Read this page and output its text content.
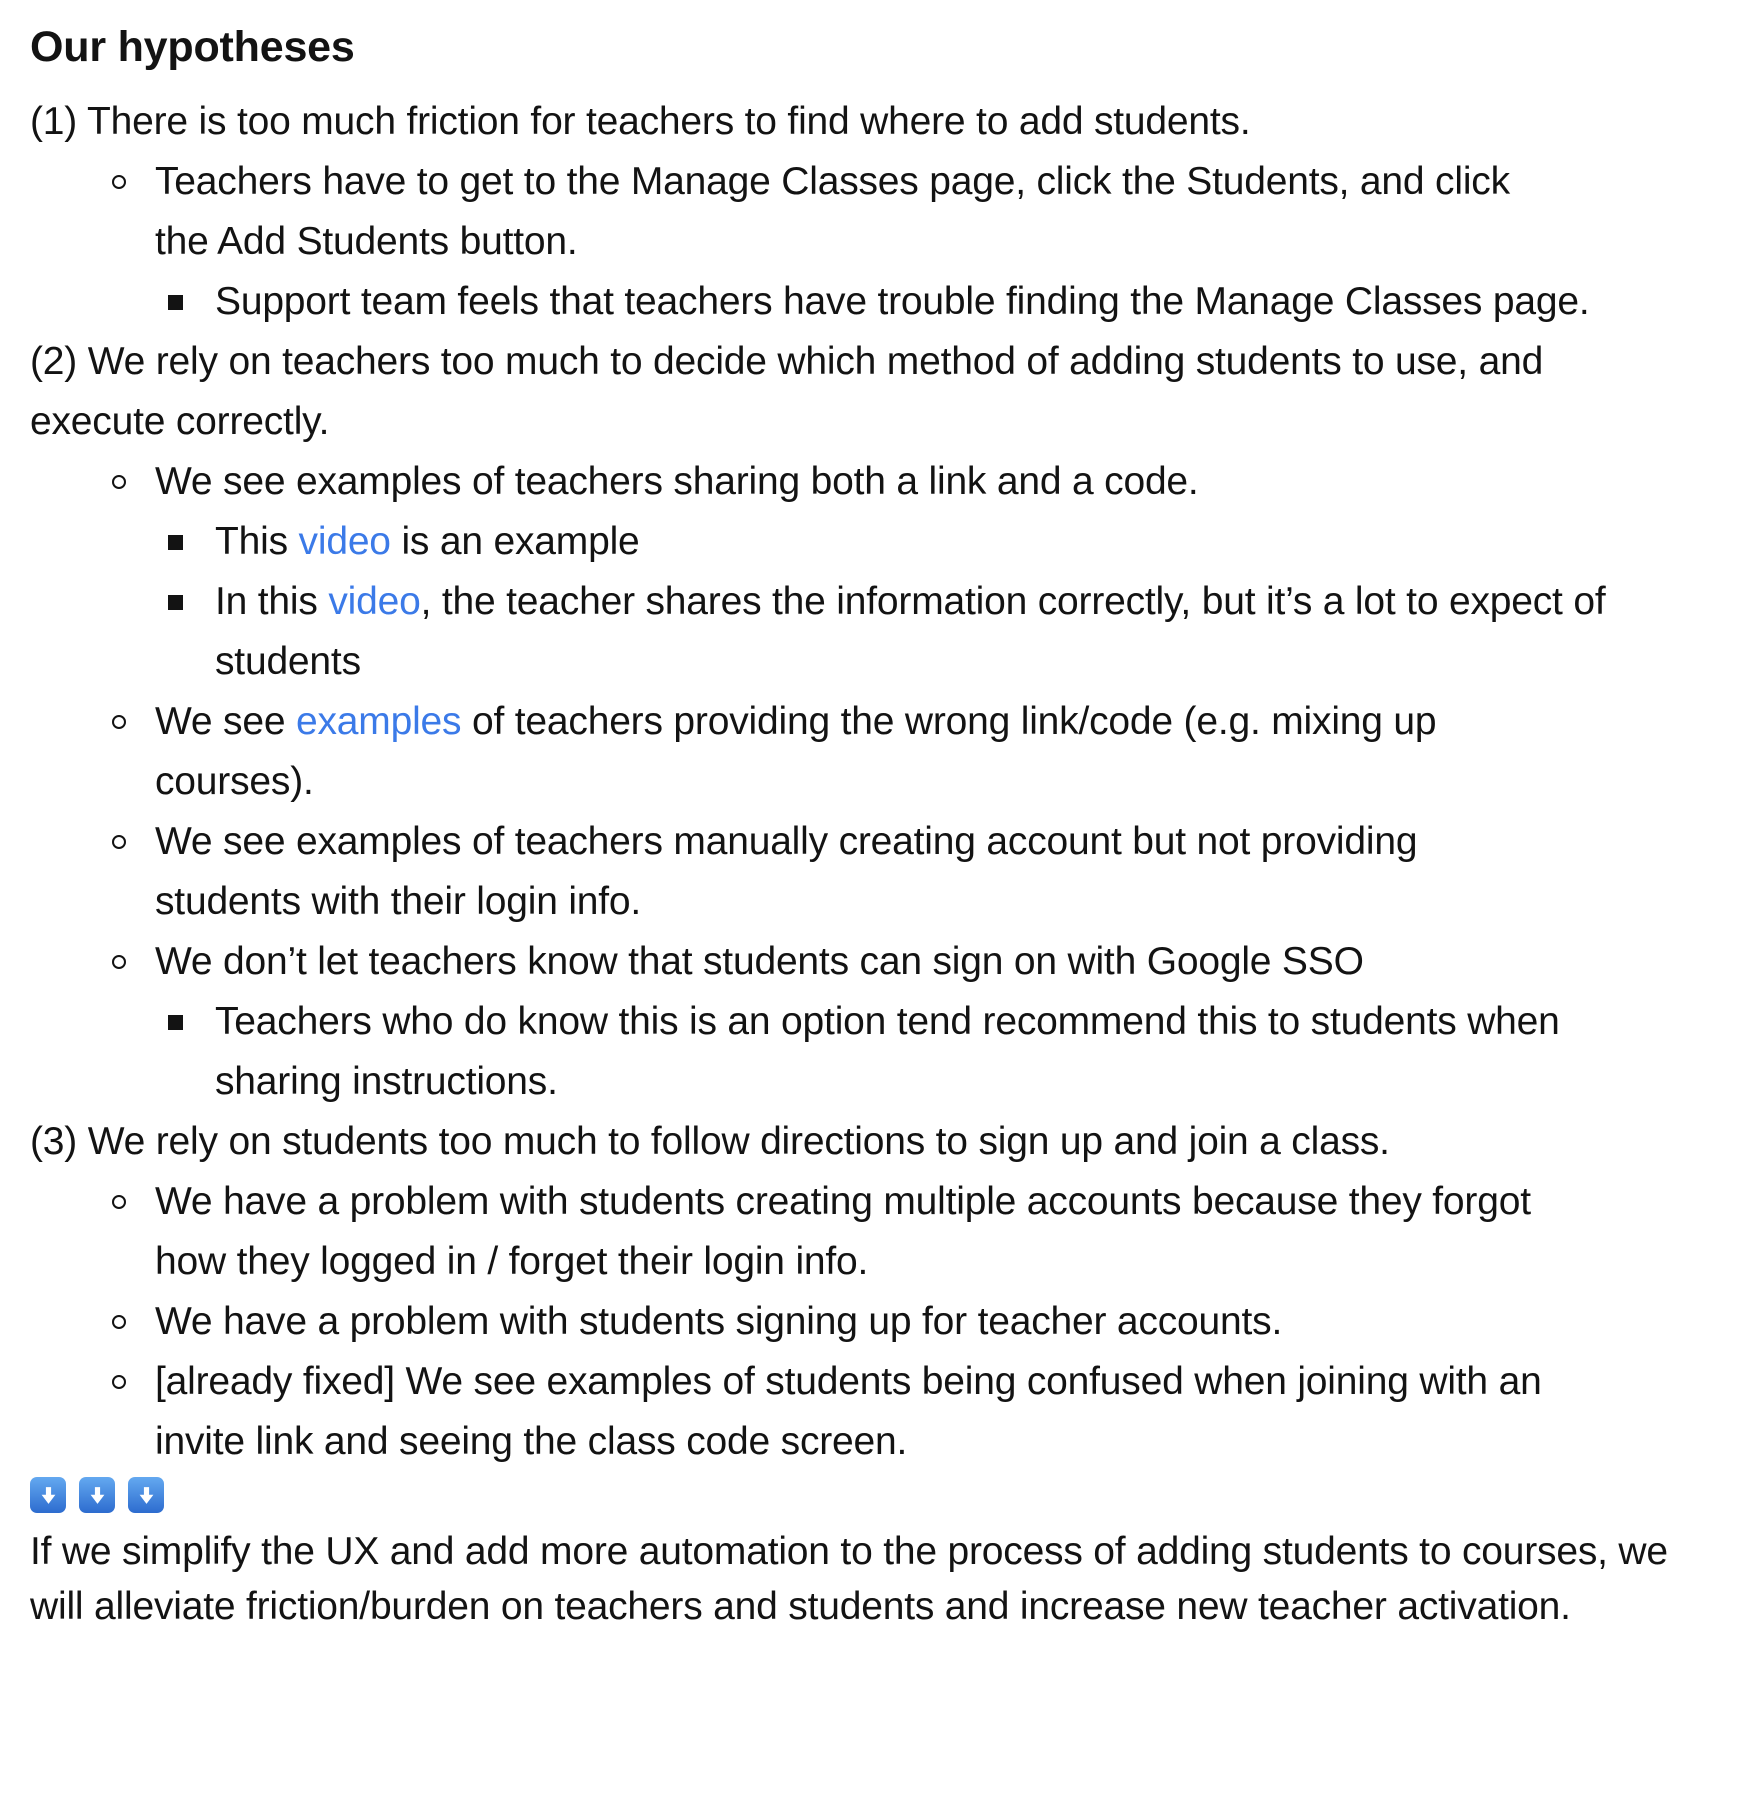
Our hypotheses
(1) There is too much friction for teachers to find where to add students.
Teachers have to get to the Manage Classes page, click the Students, and click the Add Students button.
Support team feels that teachers have trouble finding the Manage Classes page.
(2) We rely on teachers too much to decide which method of adding students to use, and execute correctly.
We see examples of teachers sharing both a link and a code.
This video is an example
In this video, the teacher shares the information correctly, but it’s a lot to expect of students
We see examples of teachers providing the wrong link/code (e.g. mixing up courses).
We see examples of teachers manually creating account but not providing students with their login info.
We don’t let teachers know that students can sign on with Google SSO
Teachers who do know this is an option tend recommend this to students when sharing instructions.
(3) We rely on students too much to follow directions to sign up and join a class.
We have a problem with students creating multiple accounts because they forgot how they logged in / forget their login info.
We have a problem with students signing up for teacher accounts.
[already fixed] We see examples of students being confused when joining with an invite link and seeing the class code screen.

If we simplify the UX and add more automation to the process of adding students to courses, we will alleviate friction/burden on teachers and students and increase new teacher activation.
